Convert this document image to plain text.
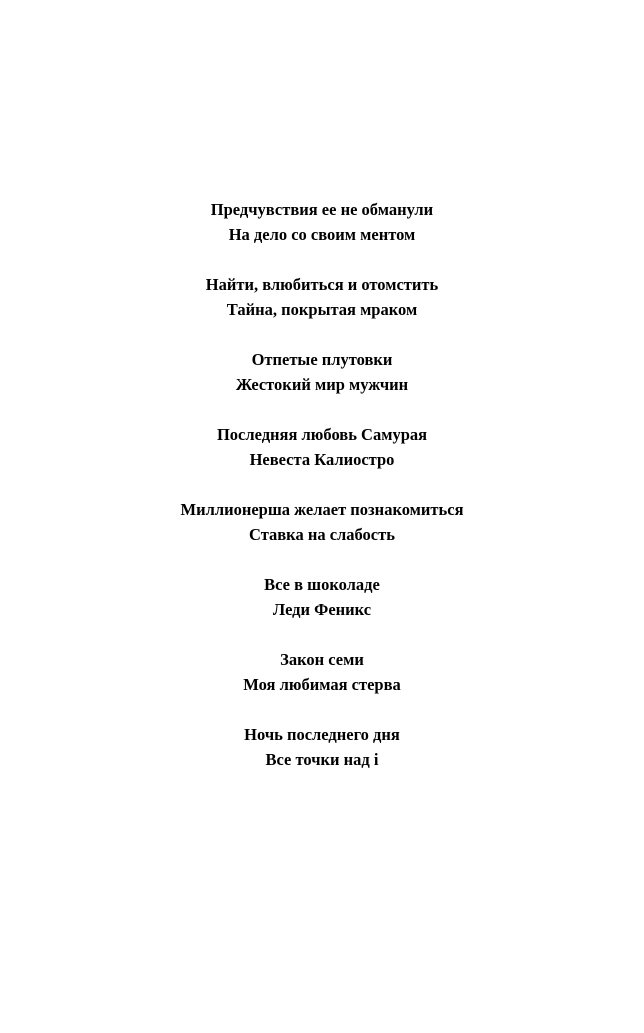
Предчувствия ее не обманули
На дело со своим ментом
Найти, влюбиться и отомстить
Тайна, покрытая мраком
Отпетые плутовки
Жестокий мир мужчин
Последняя любовь Самурая
Невеста Калиостро
Миллионерша желает познакомиться
Ставка на слабость
Все в шоколаде
Леди Феникс
Закон семи
Моя любимая стерва
Ночь последнего дня
Все точки над i
